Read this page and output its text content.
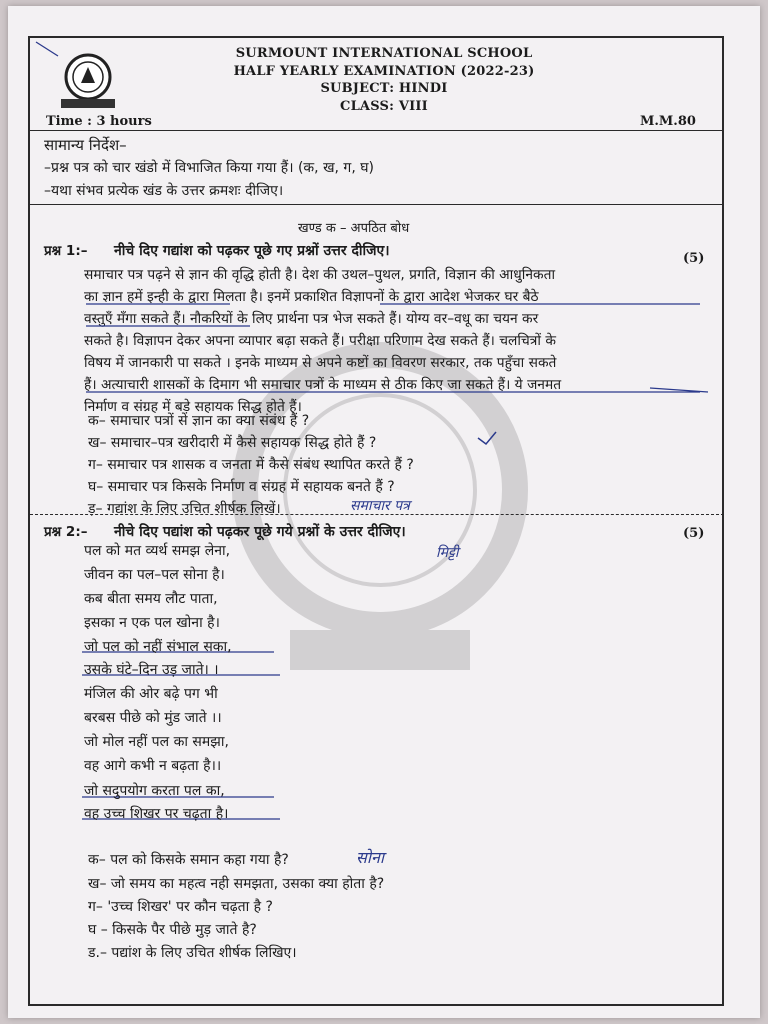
SURMOUNT INTERNATIONAL SCHOOL
HALF YEARLY EXAMINATION (2022-23)
SUBJECT: HINDI
CLASS: VIII
Time : 3 hours	M.M.80
सामान्य निर्देश–
–प्रश्न पत्र को चार खंडो में विभाजित किया गया हैं। (क, ख, ग, घ)
–यथा संभव प्रत्येक खंड के उत्तर क्रमशः दीजिए।
खण्ड क – अपठित बोध
प्रश्न 1:– नीचे दिए गद्यांश को पढ़कर पूछे गए प्रश्नों उत्तर दीजिए।	(5)
समाचार पत्र पढ़ने से ज्ञान की वृद्धि होती है। देश की उथल–पुथल, प्रगति, विज्ञान की आधुनिकता
का ज्ञान हमें इन्ही के द्वारा मिलता है। इनमें प्रकाशित विज्ञापनों के द्वारा आदेश भेजकर घर बैठे
वस्तुएँ मँगा सकते हैं। नौकरियों के लिए प्रार्थना पत्र भेज सकते हैं। योग्य वर–वधू का चयन कर
सकते है। विज्ञापन देकर अपना व्यापार बढ़ा सकते हैं। परीक्षा परिणाम देख सकते हैं। चलचित्रों के
विषय में जानकारी पा सकते । इनके माध्यम से अपने कष्टों का विवरण सरकार, तक पहुँचा सकते
हैं। अत्याचारी शासकों के दिमाग भी समाचार पत्रों के माध्यम से ठीक किए जा सकते हैं। ये जनमत
निर्माण व संग्रह में बड़े सहायक सिद्ध होते हैं।
क– समाचार पत्रों से ज्ञान का क्या संबंध हैं ?
ख– समाचार–पत्र खरीदारी में कैसे सहायक सिद्ध होते हैं ?
ग– समाचार पत्र शासक व जनता में कैसे संबंध स्थापित करते हैं ?
घ– समाचार पत्र किसके निर्माण व संग्रह में सहायक बनते हैं ?
ड़– गद्यांश के लिए उचित शीर्षक लिखें।	समाचार पत्र
प्रश्न 2:– नीचे दिए पद्यांश को पढ़कर पूछे गये प्रश्नों के उत्तर दीजिए।	(5)
मिट्टी
पल को मत व्यर्थ समझ लेना,
जीवन का पल–पल सोना है।
कब बीता समय लौट पाता,
इसका न एक पल खोना है।
जो पल को नहीं संभाल सका,
उसके घंटे–दिन उड़ जाते। ।
मंजिल की ओर बढ़े पग भी
बरबस पीछे को मुंड जाते ।।
जो मोल नहीं पल का समझा,
वह आगे कभी न बढ़ता है।।
जो सदुपयोग करता पल का,
वह उच्च शिखर पर चढ़ता है।
क– पल को किसके समान कहा गया है?	सोना
ख– जो समय का महत्व नही समझता, उसका क्या होता है?
ग– 'उच्च शिखर' पर कौन चढ़ता है ?
घ – किसके पैर पीछे मुड़ जाते है?
ड.– पद्यांश के लिए उचित शीर्षक लिखिए।
